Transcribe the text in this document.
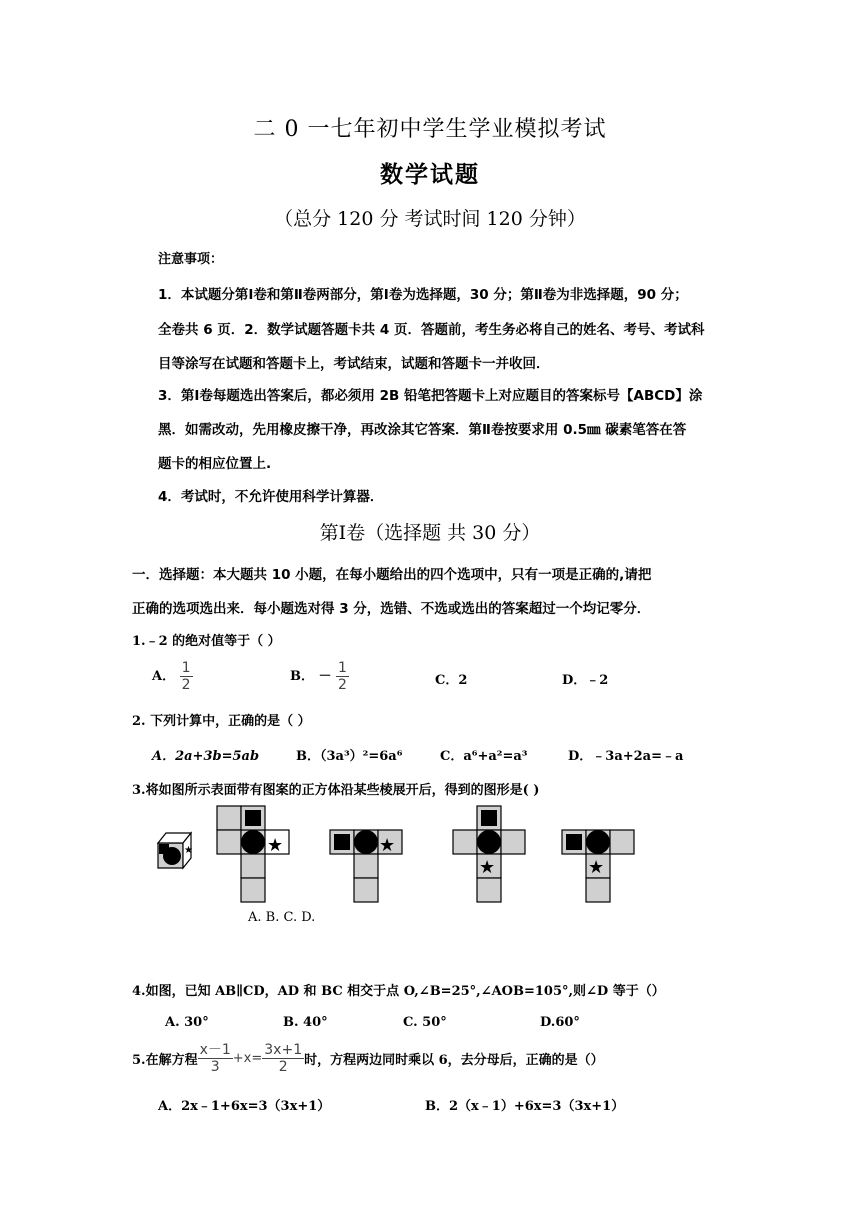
二 0 一七年初中学生学业模拟考试
数学试题
（总分 120 分 考试时间 120 分钟）
注意事项：
1．本试题分第Ⅰ卷和第Ⅱ卷两部分，第Ⅰ卷为选择题，30 分；第Ⅱ卷为非选择题，90 分；
全卷共 6 页．2．数学试题答题卡共 4 页．答题前，考生务必将自己的姓名、考号、考试科
目等涂写在试题和答题卡上，考试结束，试题和答题卡一并收回．
3．第Ⅰ卷每题选出答案后，都必须用 2B 铅笔把答题卡上对应题目的答案标号【ABCD】涂
黑．如需改动，先用橡皮擦干净，再改涂其它答案．第Ⅱ卷按要求用 0.5㎜ 碳素笔答在答
题卡的相应位置上.
4．考试时，不允许使用科学计算器．
第Ⅰ卷（选择题 共 30 分）
一．选择题：本大题共 10 小题，在每小题给出的四个选项中，只有一项是正确的,请把
正确的选项选出来．每小题选对得 3 分，选错、不选或选出的答案超过一个均记零分．
1.﹣2 的绝对值等于（ ）
A． $\frac{1}{2}$	B． － $\frac{1}{2}$	C．2	D．﹣2
2. 下列计算中，正确的是（ ）
A．2a+3b=5ab	B．（3a³）²=6a⁶	C．a⁶+a²=a³	D．﹣3a+2a=﹣a
3.将如图所示表面带有图案的正方体沿某些棱展开后，得到的图形是( )
★	★	★
★	★
A. B. C. D.
4.如图，已知 AB∥CD，AD 和 BC 相交于点 O,∠B=25°,∠AOB=105°,则∠D 等于（）
A. 30°	B. 40°	C. 50°	D.60°
5.在解方程 $\frac{x-1}{3} +x= \frac{3x+1}{2}$ 时，方程两边同时乘以 6，去分母后，正确的是（）
A．2x﹣1+6x=3（3x+1）	B．2（x﹣1）+6x=3（3x+1）
